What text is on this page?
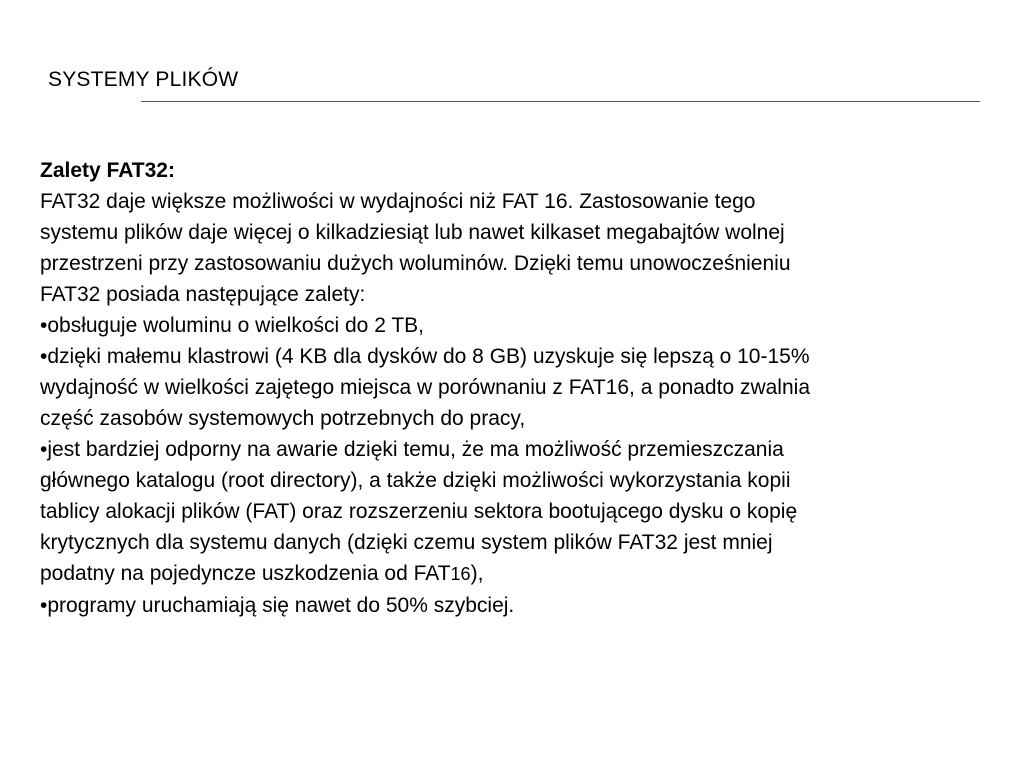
SYSTEMY PLIKÓW
Zalety FAT32:
FAT32 daje większe możliwości w wydajności niż FAT 16. Zastosowanie tego
systemu plików daje więcej o kilkadziesiąt lub nawet kilkaset megabajtów wolnej
przestrzeni przy zastosowaniu dużych woluminów. Dzięki temu unowocześnieniu
FAT32 posiada następujące zalety:
•obsługuje woluminu o wielkości do 2 TB,
•dzięki małemu klastrowi (4 KB dla dysków do 8 GB) uzyskuje się lepszą o 10-15%
wydajność w wielkości zajętego miejsca w porównaniu z FAT16, a ponadto zwalnia
część zasobów systemowych potrzebnych do pracy,
•jest bardziej odporny na awarie dzięki temu, że ma możliwość przemieszczania
głównego katalogu (root directory), a także dzięki możliwości wykorzystania kopii
tablicy alokacji plików (FAT) oraz rozszerzeniu sektora bootującego dysku o kopię
krytycznych dla systemu danych (dzięki czemu system plików FAT32 jest mniej
podatny na pojedyncze uszkodzenia od FAT16),
•programy uruchamiają się nawet do 50% szybciej.
